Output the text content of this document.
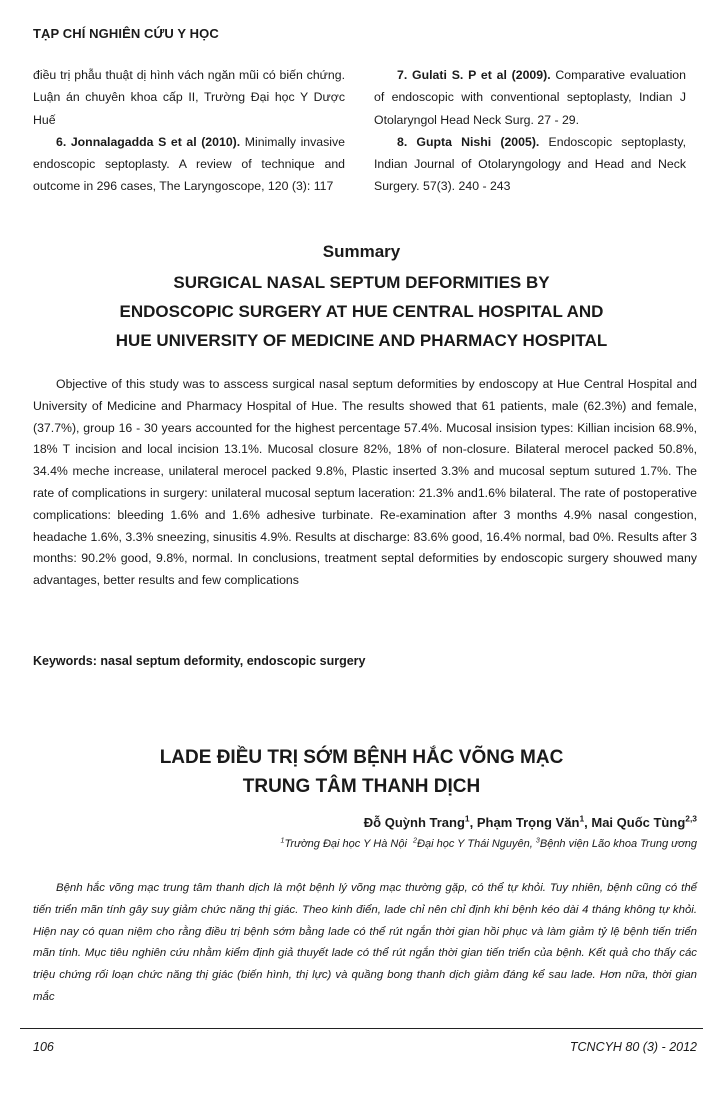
TẠP CHÍ NGHIÊN CỨU Y HỌC

điều trị phẫu thuật dị hình vách ngăn mũi có biến chứng. Luận án chuyên khoa cấp II, Trường Đại học Y Dược Huế

6. Jonnalagadda S et al (2010). Minimally invasive endoscopic septoplasty. A review of technique and outcome in 296 cases, The Laryngoscope, 120 (3): 117

7. Gulati S. P et al (2009). Comparative evaluation of endoscopic with conventional septoplasty, Indian J Otolaryngol Head Neck Surg. 27 - 29.

8. Gupta Nishi (2005). Endoscopic septoplasty, Indian Journal of Otolaryngology and Head and Neck Surgery. 57(3). 240 - 243

Summary
SURGICAL NASAL SEPTUM DEFORMITIES BY
ENDOSCOPIC SURGERY AT HUE CENTRAL HOSPITAL AND
HUE UNIVERSITY OF MEDICINE AND PHARMACY HOSPITAL

Objective of this study was to asscess surgical nasal septum deformities by endoscopy at Hue Central Hospital and University of Medicine and Pharmacy Hospital of Hue. The results showed that 61 patients, male (62.3%) and female,(37.7%), group 16 - 30 years accounted for the highest percentage 57.4%. Mucosal insision types: Killian incision 68.9%, 18% T incision and local incision 13.1%. Mucosal closure 82%, 18% of non-closure. Bilateral merocel packed 50.8%, 34.4% meche increase, unilateral merocel packed 9.8%, Plastic inserted 3.3% and mucosal septum sutured 1.7%. The rate of complications in surgery: unilateral mucosal septum laceration: 21.3% and1.6% bilateral. The rate of postoperative complications: bleeding 1.6% and 1.6% adhesive turbinate. Re-examination after 3 months 4.9% nasal congestion, headache 1.6%, 3.3% sneezing, sinusitis 4.9%. Results at discharge: 83.6% good, 16.4% normal, bad 0%. Results after 3 months: 90.2% good, 9.8%, normal. In conclusions, treatment septal deformities by endoscopic surgery shouwed many advantages, better results and few complications

Keywords: nasal septum deformity, endoscopic surgery
LADE ĐIỀU TRỊ SỚM BỆNH HẮC VÕNG MẠC
TRUNG TÂM THANH DỊCH
Đỗ Quỳnh Trang$^1$, Phạm Trọng Văn$^1$, Mai Quốc Tùng$^{2,3}$
$^1$Trường Đại học Y Hà Nội $^2$Đại học Y Thái Nguyên, $^3$Bệnh viện Lão khoa Trung ương

Bệnh hắc võng mạc trung tâm thanh dịch là một bệnh lý võng mạc thường gặp, có thể tự khỏi. Tuy nhiên, bệnh cũng có thể tiến triển mãn tính gây suy giảm chức năng thị giác. Theo kinh điển, lade chỉ nên chỉ định khi bệnh kéo dài 4 tháng không tự khỏi. Hiện nay có quan niệm cho rằng điều trị bệnh sớm bằng lade có thể rút ngắn thời gian hồi phục và làm giảm tỷ lệ bệnh tiến triển mãn tính. Mục tiêu nghiên cứu nhằm kiểm định giả thuyết lade có thể rút ngắn thời gian tiến triển của bệnh. Kết quả cho thấy các triệu chứng rối loạn chức năng thị giác (biến hình, thị lực) và quầng bong thanh dịch giảm đáng kể sau lade. Hơn nữa, thời gian mắc

106	TCNCYH 80 (3) - 2012
